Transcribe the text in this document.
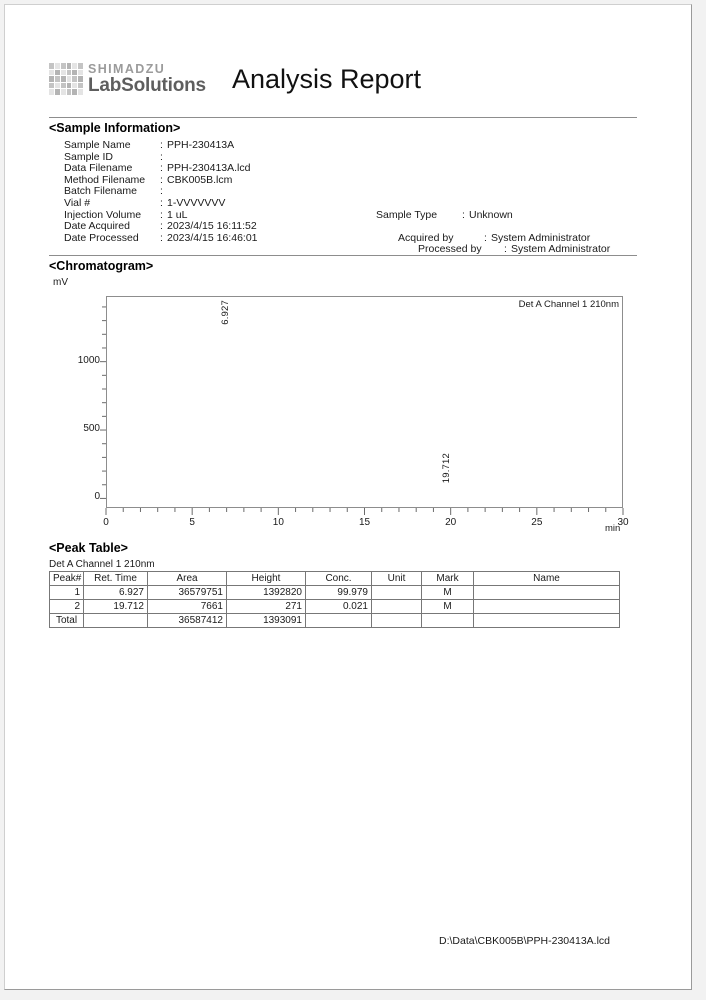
SHIMADZU
LabSolutions Analysis Report
<Sample Information>
Sample Name	: PPH-230413A
Sample ID	:
Data Filename	: PPH-230413A.lcd
Method Filename	: CBK005B.lcm
Batch Filename	:
Vial #	: 1-VVVVVVV
Injection Volume	: 1 uL
Date Acquired	: 2023/4/15 16:11:52
Date Processed	: 2023/4/15 16:46:01
Sample Type	: Unknown
Acquired by	: System Administrator
Processed by	: System Administrator
<Chromatogram>
mV
Det A Channel 1 210nm
0
500
1000
0	5	10	15	20	25	30
6.927
19.712
min
<Peak Table>
Det A Channel 1 210nm
Peak#	Ret. Time	Area	Height	Conc.	Unit	Mark	Name
1	6.927	36579751	1392820	99.979		M	
2	19.712	7661	271	0.021		M	
Total		36587412	1393091				
D:\Data\CBK005B\PPH-230413A.lcd
